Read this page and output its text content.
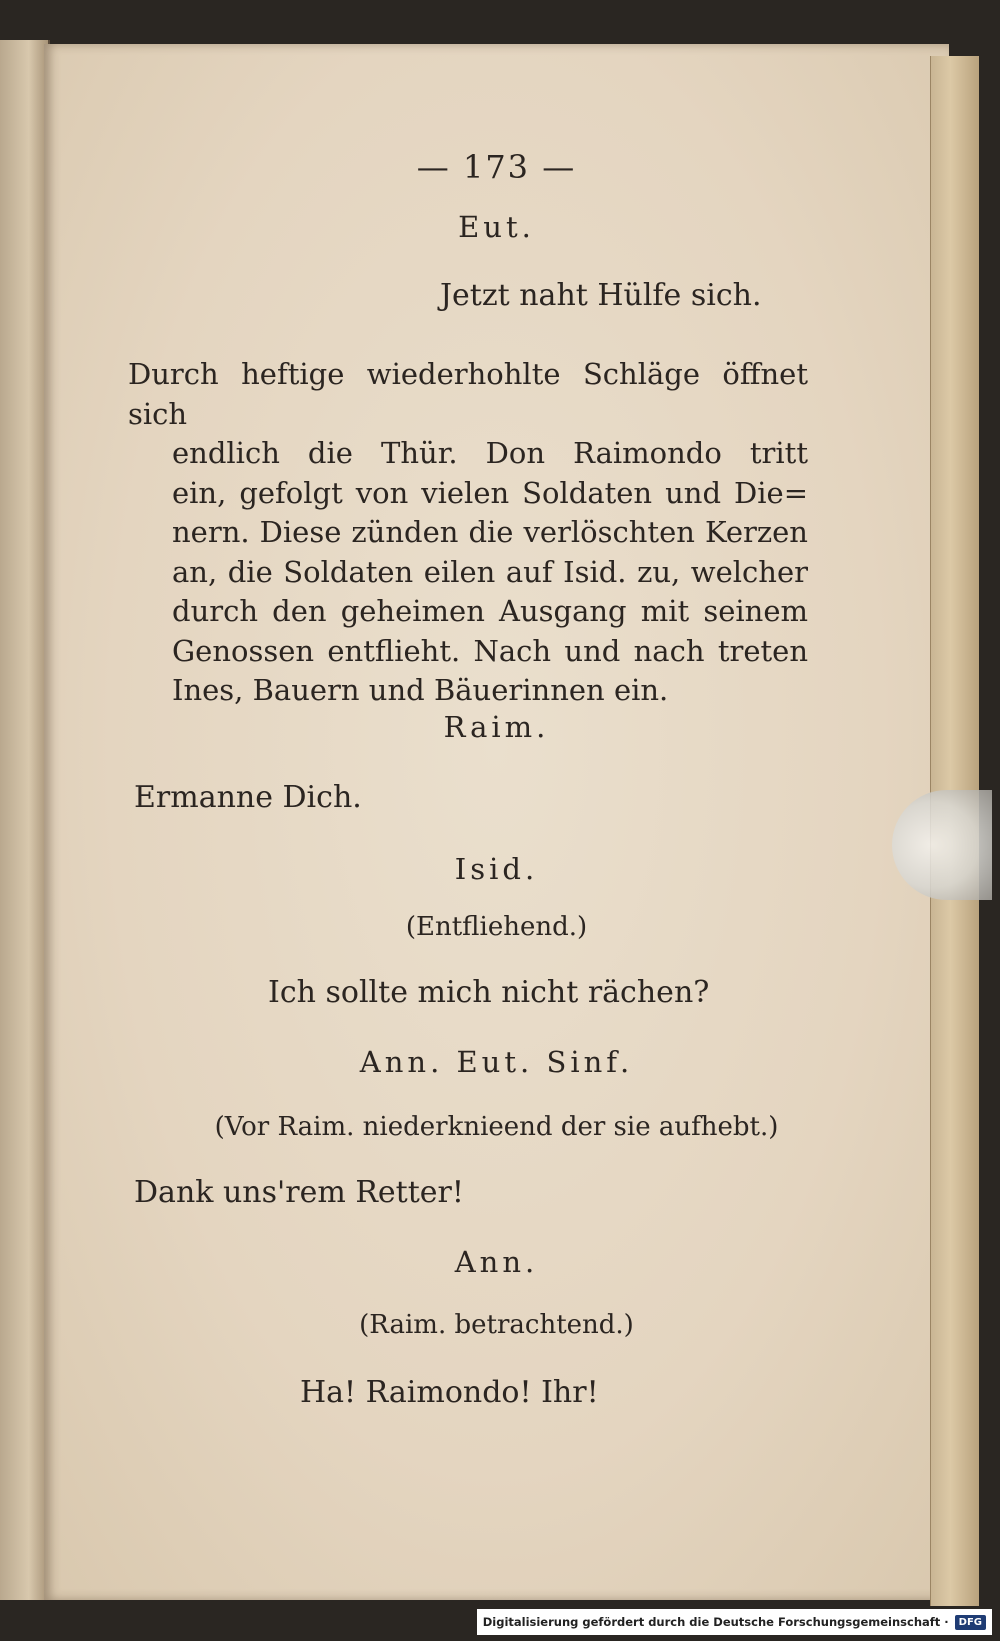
— 173 —
Eut.
Jetzt naht Hülfe sich.
Durch heftige wiederhohlte Schläge öffnet sich
endlich die Thür. Don Raimondo tritt
ein, gefolgt von vielen Soldaten und Die=
nern. Diese zünden die verlöschten Kerzen
an, die Soldaten eilen auf Isid. zu, welcher
durch den geheimen Ausgang mit seinem
Genossen entflieht. Nach und nach treten
Ines, Bauern und Bäuerinnen ein.
Raim.
Ermanne Dich.
Isid.
(Entfliehend.)
Ich sollte mich nicht rächen?
Ann. Eut. Sinf.
(Vor Raim. niederknieend der sie aufhebt.)
Dank uns'rem Retter!
Ann.
(Raim. betrachtend.)
Ha! Raimondo! Ihr!
Digitalisierung gefördert durch die Deutsche Forschungsgemeinschaft ·	DFG
